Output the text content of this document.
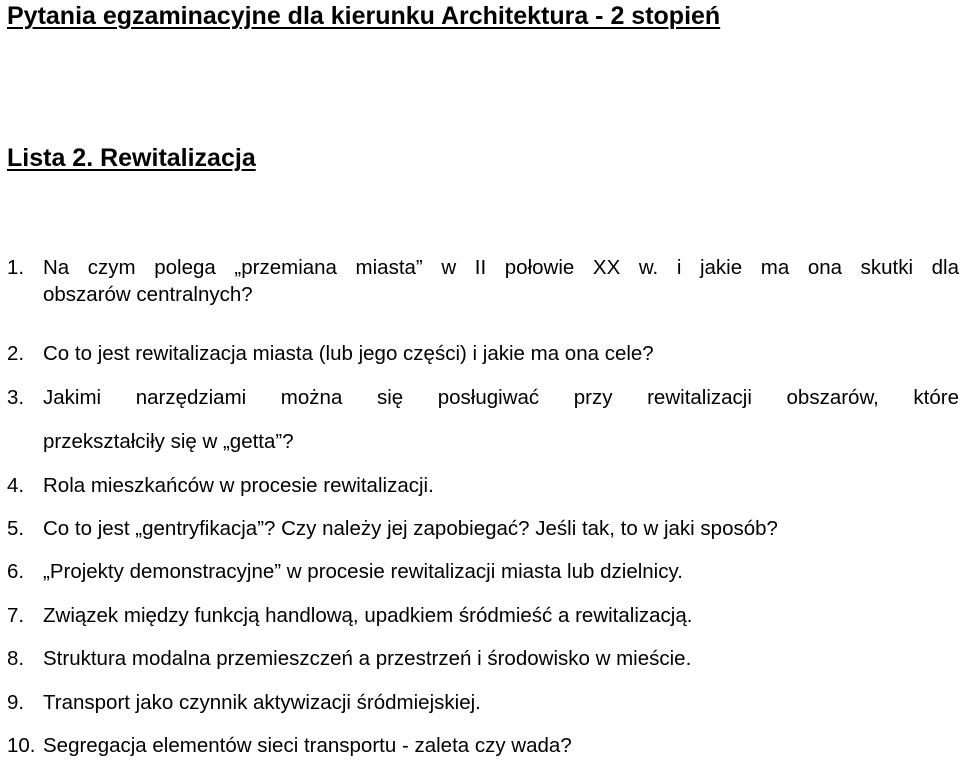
Pytania egzaminacyjne dla kierunku Architektura - 2 stopień
Lista 2. Rewitalizacja
1. Na czym polega „przemiana miasta” w II połowie XX w. i jakie ma ona skutki dla
obszarów centralnych?
2. Co to jest rewitalizacja miasta (lub jego części) i jakie ma ona cele?
3. Jakimi narzędziami można się posługiwać przy rewitalizacji obszarów, które
przekształciły się w „getta”?
4. Rola mieszkańców w procesie rewitalizacji.
5. Co to jest „gentryfikacja”? Czy należy jej zapobiegać? Jeśli tak, to w jaki sposób?
6. „Projekty demonstracyjne” w procesie rewitalizacji miasta lub dzielnicy.
7. Związek między funkcją handlową, upadkiem śródmieść a rewitalizacją.
8. Struktura modalna przemieszczeń a przestrzeń i środowisko w mieście.
9. Transport jako czynnik aktywizacji śródmiejskiej.
10. Segregacja elementów sieci transportu - zaleta czy wada?
